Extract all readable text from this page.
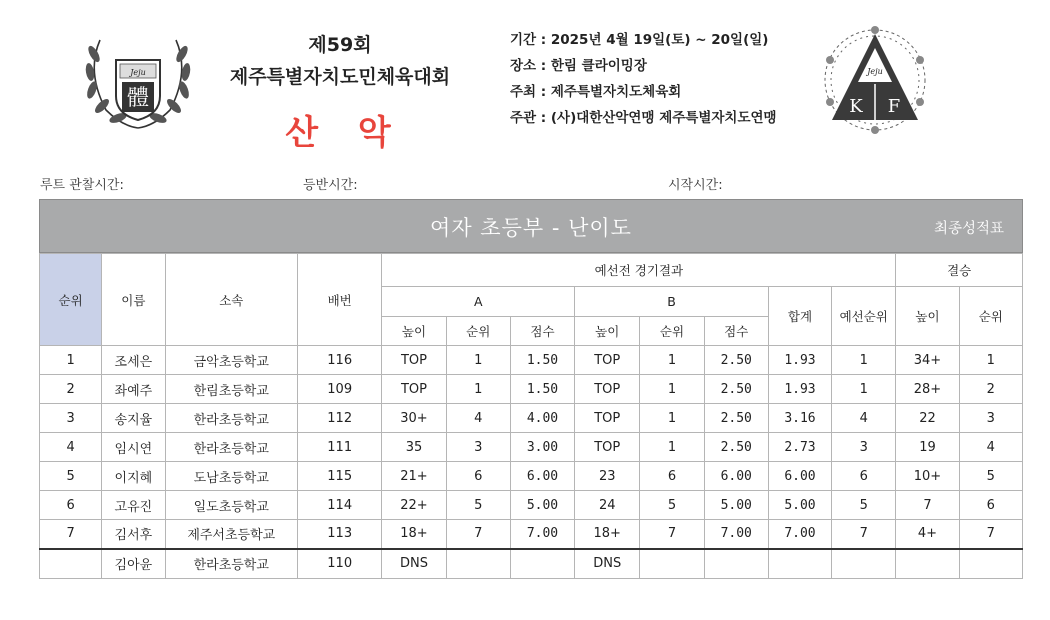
Jeju
體
제59회
제주특별자치도민체육대회
산 악
기간 : 2025년 4월 19일(토) ~ 20일(일)
장소 : 한림 클라이밍장
주최 : 제주특별자치도체육회
주관 : (사)대한산악연맹 제주특별자치도연맹
Jeju
K F
루트 관찰시간:	등반시간:	시작시간:
여자 초등부 - 난이도	최종성적표
순위	이름	소속	배번	예선전 경기결과								결승	
				A			B			합계	예선순위	높이	순위
				높이	순위	점수	높이	순위	점수				
1	조세은	금악초등학교	116	TOP	1	1.50	TOP	1	2.50	1.93	1	34+	1
2	좌예주	한림초등학교	109	TOP	1	1.50	TOP	1	2.50	1.93	1	28+	2
3	송지율	한라초등학교	112	30+	4	4.00	TOP	1	2.50	3.16	4	22	3
4	임시연	한라초등학교	111	35	3	3.00	TOP	1	2.50	2.73	3	19	4
5	이지혜	도남초등학교	115	21+	6	6.00	23	6	6.00	6.00	6	10+	5
6	고유진	일도초등학교	114	22+	5	5.00	24	5	5.00	5.00	5	7	6
7	김서후	제주서초등학교	113	18+	7	7.00	18+	7	7.00	7.00	7	4+	7
	김아윤	한라초등학교	110	DNS			DNS						
